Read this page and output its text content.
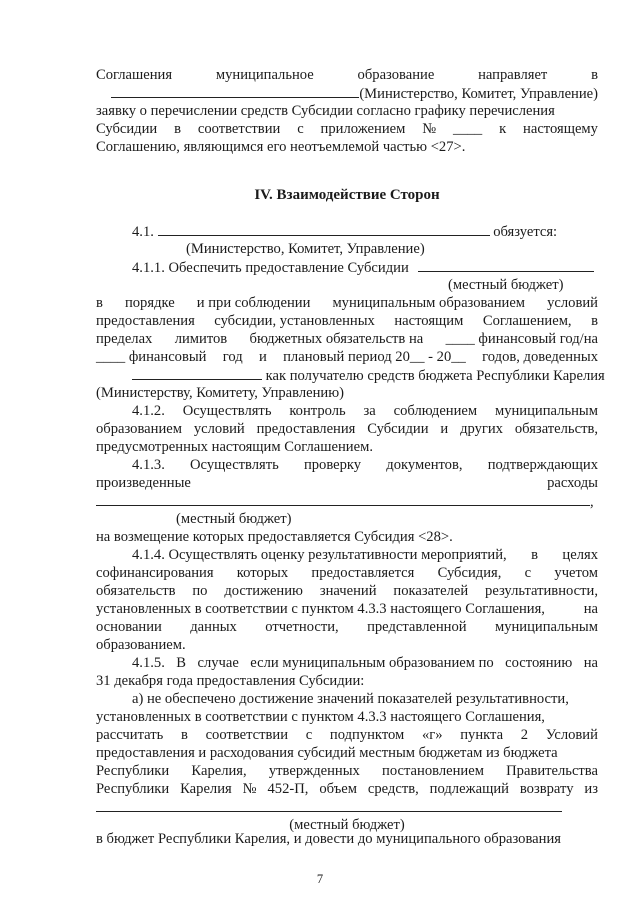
Соглашения	муниципальное	образование	направляет	в
(Министерство, Комитет, Управление)
заявку о перечислении средств Субсидии согласно графику перечисления
Субсидии в соответствии с приложением № ____ к настоящему
Соглашению, являющимся его неотъемлемой частью <27>.
IV. Взаимодействие Сторон
4.1.	обязуется:
(Министерство, Комитет, Управление)
4.1.1. Обеспечить предоставление Субсидии
(местный бюджет)
в порядке и при соблюдении муниципальным образованием условий
предоставления субсидии, установленных настоящим Соглашением, в
пределах лимитов бюджетных обязательств на ____ финансовый год/на
____ финансовый год и плановый период 20__ - 20__ годов, доведенных
как получателю средств бюджета Республики Карелия
(Министерству, Комитету, Управлению)
4.1.2. Осуществлять контроль за соблюдением муниципальным
образованием условий предоставления Субсидии и других обязательств,
предусмотренных настоящим Соглашением.
4.1.3. Осуществлять проверку документов, подтверждающих
произведенные	расходы
,
(местный бюджет)
на возмещение которых предоставляется Субсидия <28>.
4.1.4. Осуществлять оценку результативности мероприятий, в целях
софинансирования которых предоставляется Субсидия, с учетом
обязательств по достижению значений показателей результативности,
установленных в соответствии с пунктом 4.3.3 настоящего Соглашения,	на
основании данных отчетности, представленной муниципальным
образованием.
4.1.5. В случае если муниципальным образованием по состоянию на
31 декабря года предоставления Субсидии:
а) не обеспечено достижение значений показателей результативности,
установленных в соответствии с пунктом 4.3.3 настоящего Соглашения,
рассчитать в соответствии с подпунктом «г» пункта 2 Условий
предоставления и расходования субсидий местным бюджетам из бюджета
Республики Карелия, утвержденных постановлением Правительства
Республики Карелия № 452-П, объем средств, подлежащий возврату из
(местный бюджет)
в бюджет Республики Карелия, и довести до муниципального образования
7
